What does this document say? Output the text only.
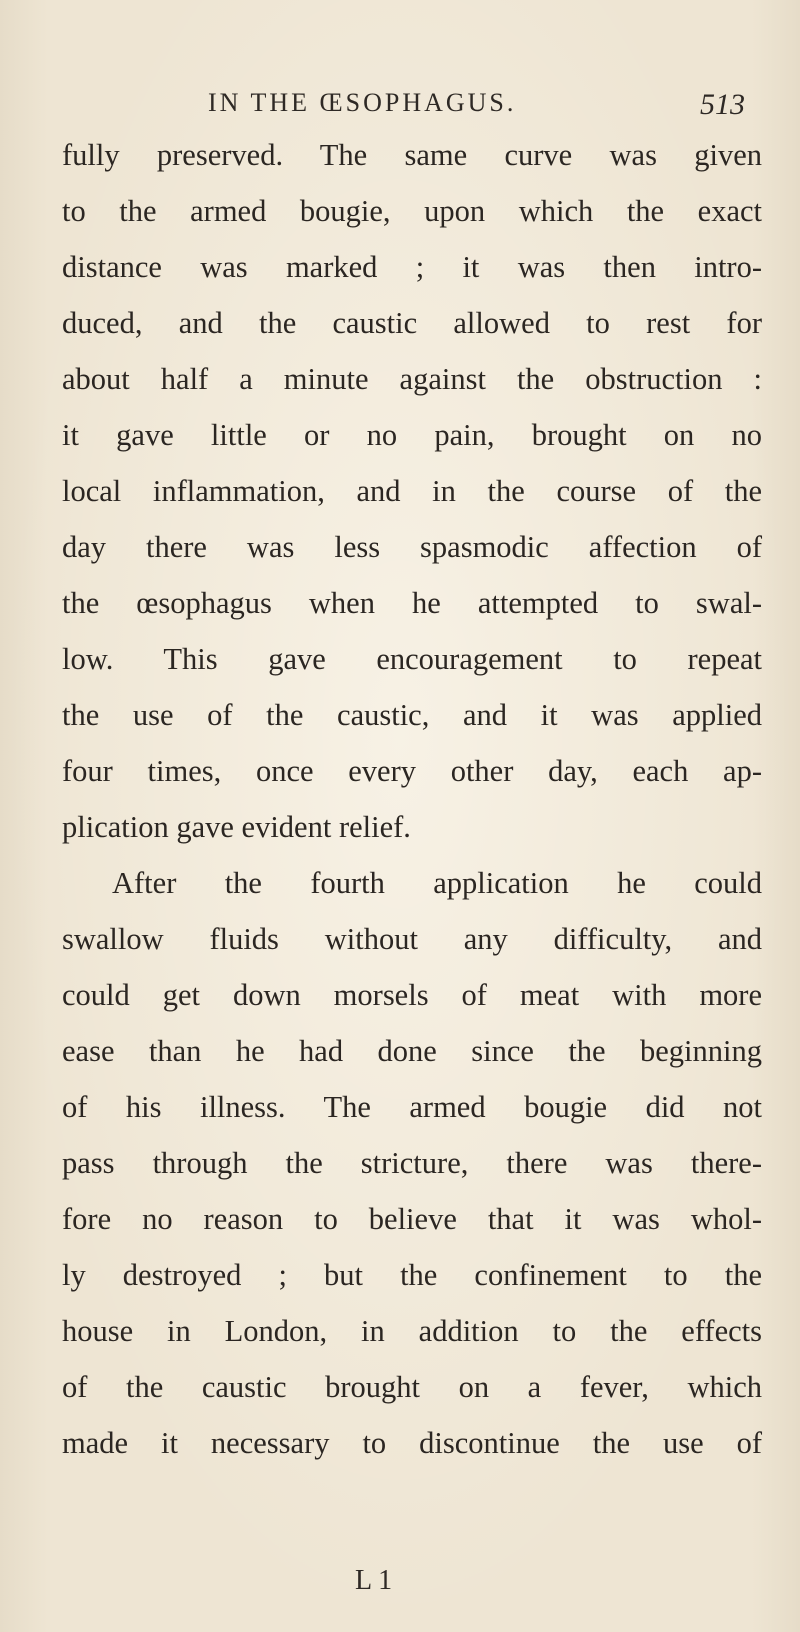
IN THE ŒSOPHAGUS.	513
fully preserved. The same curve was given
to the armed bougie, upon which the exact
distance was marked ; it was then intro-
duced, and the caustic allowed to rest for
about half a minute against the obstruction :
it gave little or no pain, brought on no
local inflammation, and in the course of the
day there was less spasmodic affection of
the œsophagus when he attempted to swal-
low. This gave encouragement to repeat
the use of the caustic, and it was applied
four times, once every other day, each ap-
plication gave evident relief.
After the fourth application he could
swallow fluids without any difficulty, and
could get down morsels of meat with more
ease than he had done since the beginning
of his illness. The armed bougie did not
pass through the stricture, there was there-
fore no reason to believe that it was whol-
ly destroyed ; but the confinement to the
house in London, in addition to the effects
of the caustic brought on a fever, which
made it necessary to discontinue the use of
L 1
